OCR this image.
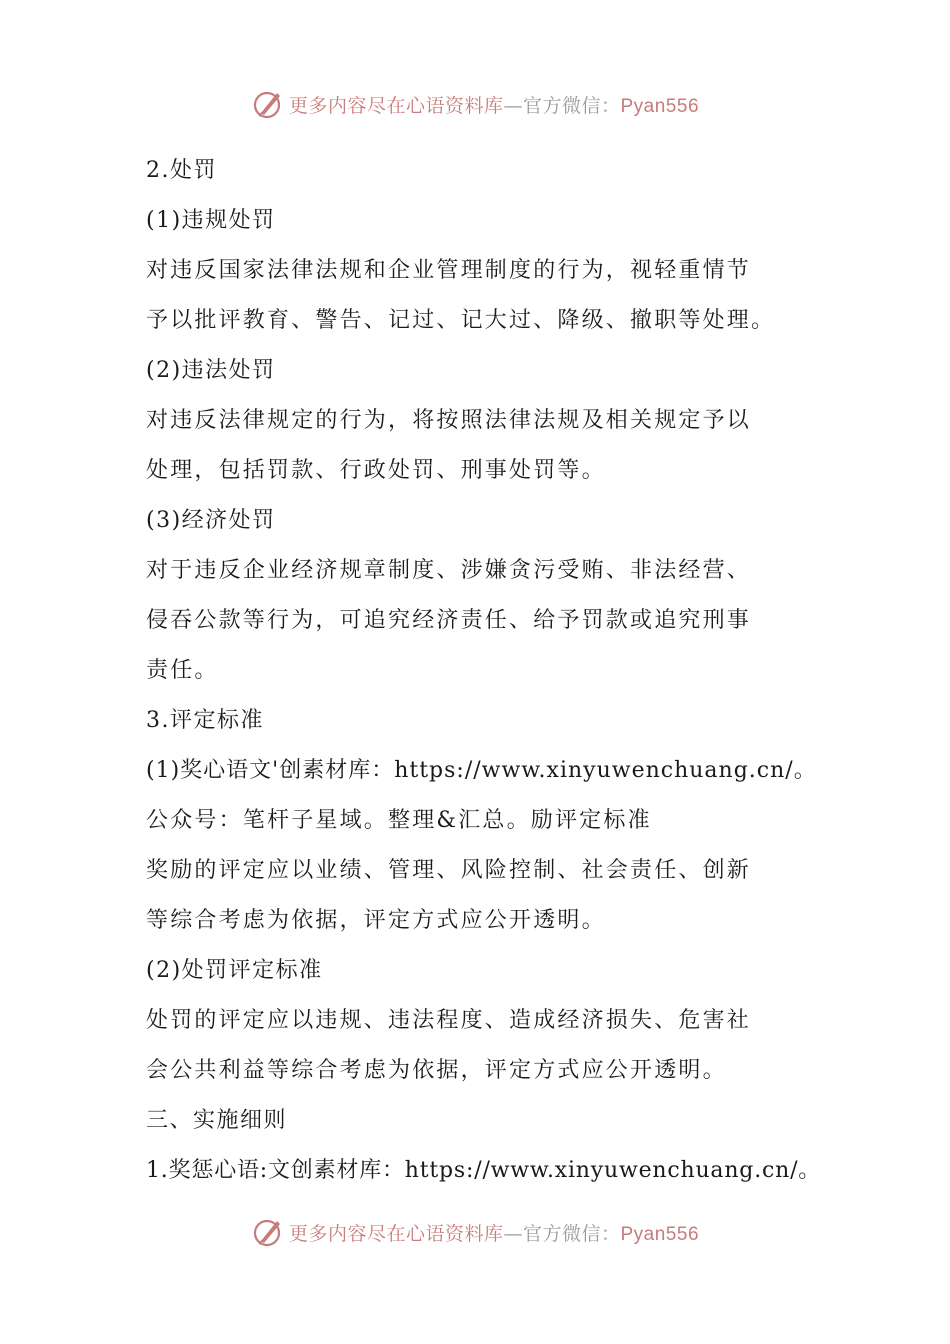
更多内容尽在心语资料库—官方微信：Pyan556
2.处罚
(1)违规处罚
对违反国家法律法规和企业管理制度的行为，视轻重情节
予以批评教育、警告、记过、记大过、降级、撤职等处理。
(2)违法处罚
对违反法律规定的行为，将按照法律法规及相关规定予以
处理，包括罚款、行政处罚、刑事处罚等。
(3)经济处罚
对于违反企业经济规章制度、涉嫌贪污受贿、非法经营、
侵吞公款等行为，可追究经济责任、给予罚款或追究刑事
责任。
3.评定标准
(1)奖心语文'创素材库：https://www.xinyuwenchuang.cn/。
公众号：笔杆子星域。整理&汇总。励评定标准
奖励的评定应以业绩、管理、风险控制、社会责任、创新
等综合考虑为依据，评定方式应公开透明。
(2)处罚评定标准
处罚的评定应以违规、违法程度、造成经济损失、危害社
会公共利益等综合考虑为依据，评定方式应公开透明。
三、实施细则
1.奖惩心语:文创素材库：https://www.xinyuwenchuang.cn/。
更多内容尽在心语资料库—官方微信：Pyan556
